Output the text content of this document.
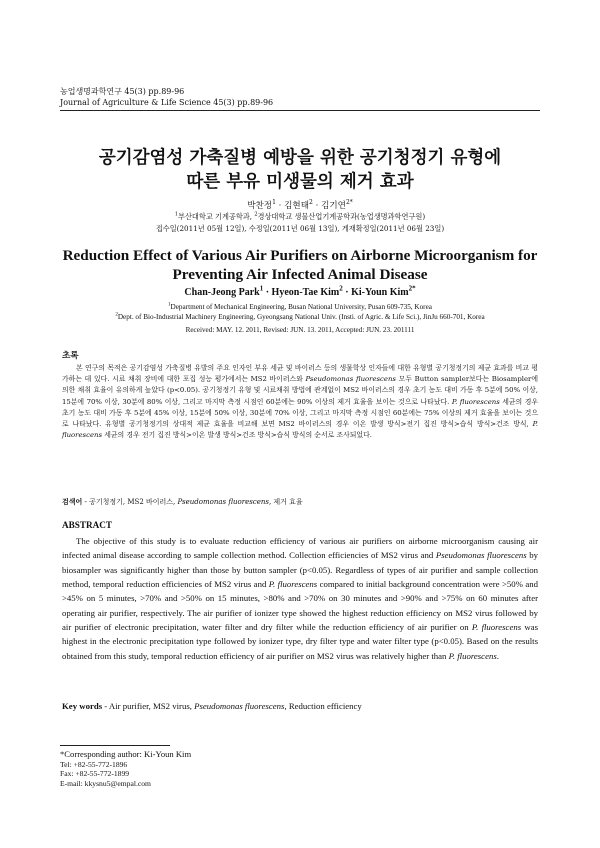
농업생명과학연구 45(3) pp.89-96
Journal of Agriculture & Life Science 45(3) pp.89-96
공기감염성 가축질병 예방을 위한 공기청정기 유형에
따른 부유 미생물의 제거 효과
박찬정$^1$ · 김현태$^2$ · 김기연$^{2*}$
$^1$부산대학교 기계공학과, $^2$경상대학교 생물산업기계공학과(농업생명과학연구원)
접수일(2011년 05월 12일), 수정일(2011년 06월 13일), 게재확정일(2011년 06월 23일)
Reduction Effect of Various Air Purifiers on Airborne Microorganism for
Preventing Air Infected Animal Disease
Chan-Jeong Park$^1$ · Hyeon-Tae Kim$^2$ · Ki-Youn Kim$^{2*}$
$^1$Department of Mechanical Engineering, Busan National University, Pusan 609-735, Korea
$^2$Dept. of Bio-Industrial Machinery Engineering, Gyeongsang National Univ. (Insti. of Agric. & Life Sci.), JinJu 660-701, Korea
Received: MAY. 12. 2011, Revised: JUN. 13. 2011, Accepted: JUN. 23. 201111
초록
본 연구의 목적은 공기감염성 가축질병 유발의 주요 인자인 부유 세균 및 바이러스 등의 생물학상 인자들에 대한 유형별 공기청정기의 제균 효과를 비교 평가하는 데 있다. 시료 채취 장비에 대한 포집 성능 평가에서는 MS2 바이러스와 Pseudomonas fluorescens 모두 Button sampler보다는 Biosampler에 의한 채취 효율이 유의하게 높았다 (p<0.05). 공기청정기 유형 및 시료채취 방법에 관계없이 MS2 바이러스의 경우 초기 농도 대비 가동 후 5분에 50% 이상, 15분에 70% 이상, 30분에 80% 이상, 그리고 마지막 측정 시점인 60분에는 90% 이상의 제거 효율을 보이는 것으로 나타났다. P. fluorescens 세균의 경우 초기 농도 대비 가동 후 5분에 45% 이상, 15분에 50% 이상, 30분에 70% 이상, 그리고 마지막 측정 시점인 60분에는 75% 이상의 제거 효율을 보이는 것으로 나타났다. 유형별 공기청정기의 상대적 제균 효율을 비교해 보면 MS2 바이러스의 경우 이온 발생 방식>전기 집진 방식>습식 방식>건조 방식, P. fluorescens 세균의 경우 전기 집진 방식>이온 발생 방식>건조 방식>습식 방식의 순서로 조사되었다.
검색어 - 공기청정기, MS2 바이러스, Pseudomonas fluorescens, 제거 효율
ABSTRACT
The objective of this study is to evaluate reduction efficiency of various air purifiers on airborne microorganism causing air infected animal disease according to sample collection method. Collection efficiencies of MS2 virus and Pseudomonas fluorescens by biosampler was significantly higher than those by button sampler (p<0.05). Regardless of types of air purifier and sample collection method, temporal reduction efficiencies of MS2 virus and P. fluorescens compared to initial background concentration were >50% and >45% on 5 minutes, >70% and >50% on 15 minutes, >80% and >70% on 30 minutes and >90% and >75% on 60 minutes after operating air purifier, respectively. The air purifier of ionizer type showed the highest reduction efficiency on MS2 virus followed by air purifier of electronic precipitation, water filter and dry filter while the reduction efficiency of air purifier on P. fluorescens was highest in the electronic precipitation type followed by ionizer type, dry filter type and water filter type (p<0.05). Based on the results obtained from this study, temporal reduction efficiency of air purifier on MS2 virus was relatively higher than P. fluorescens.
Key words - Air purifier, MS2 virus, Pseudomonas fluorescens, Reduction efficiency
*Corresponding author: Ki-Youn Kim
Tel: +82-55-772-1896
Fax: +82-55-772-1899
E-mail: kkysnu5@empal.com
